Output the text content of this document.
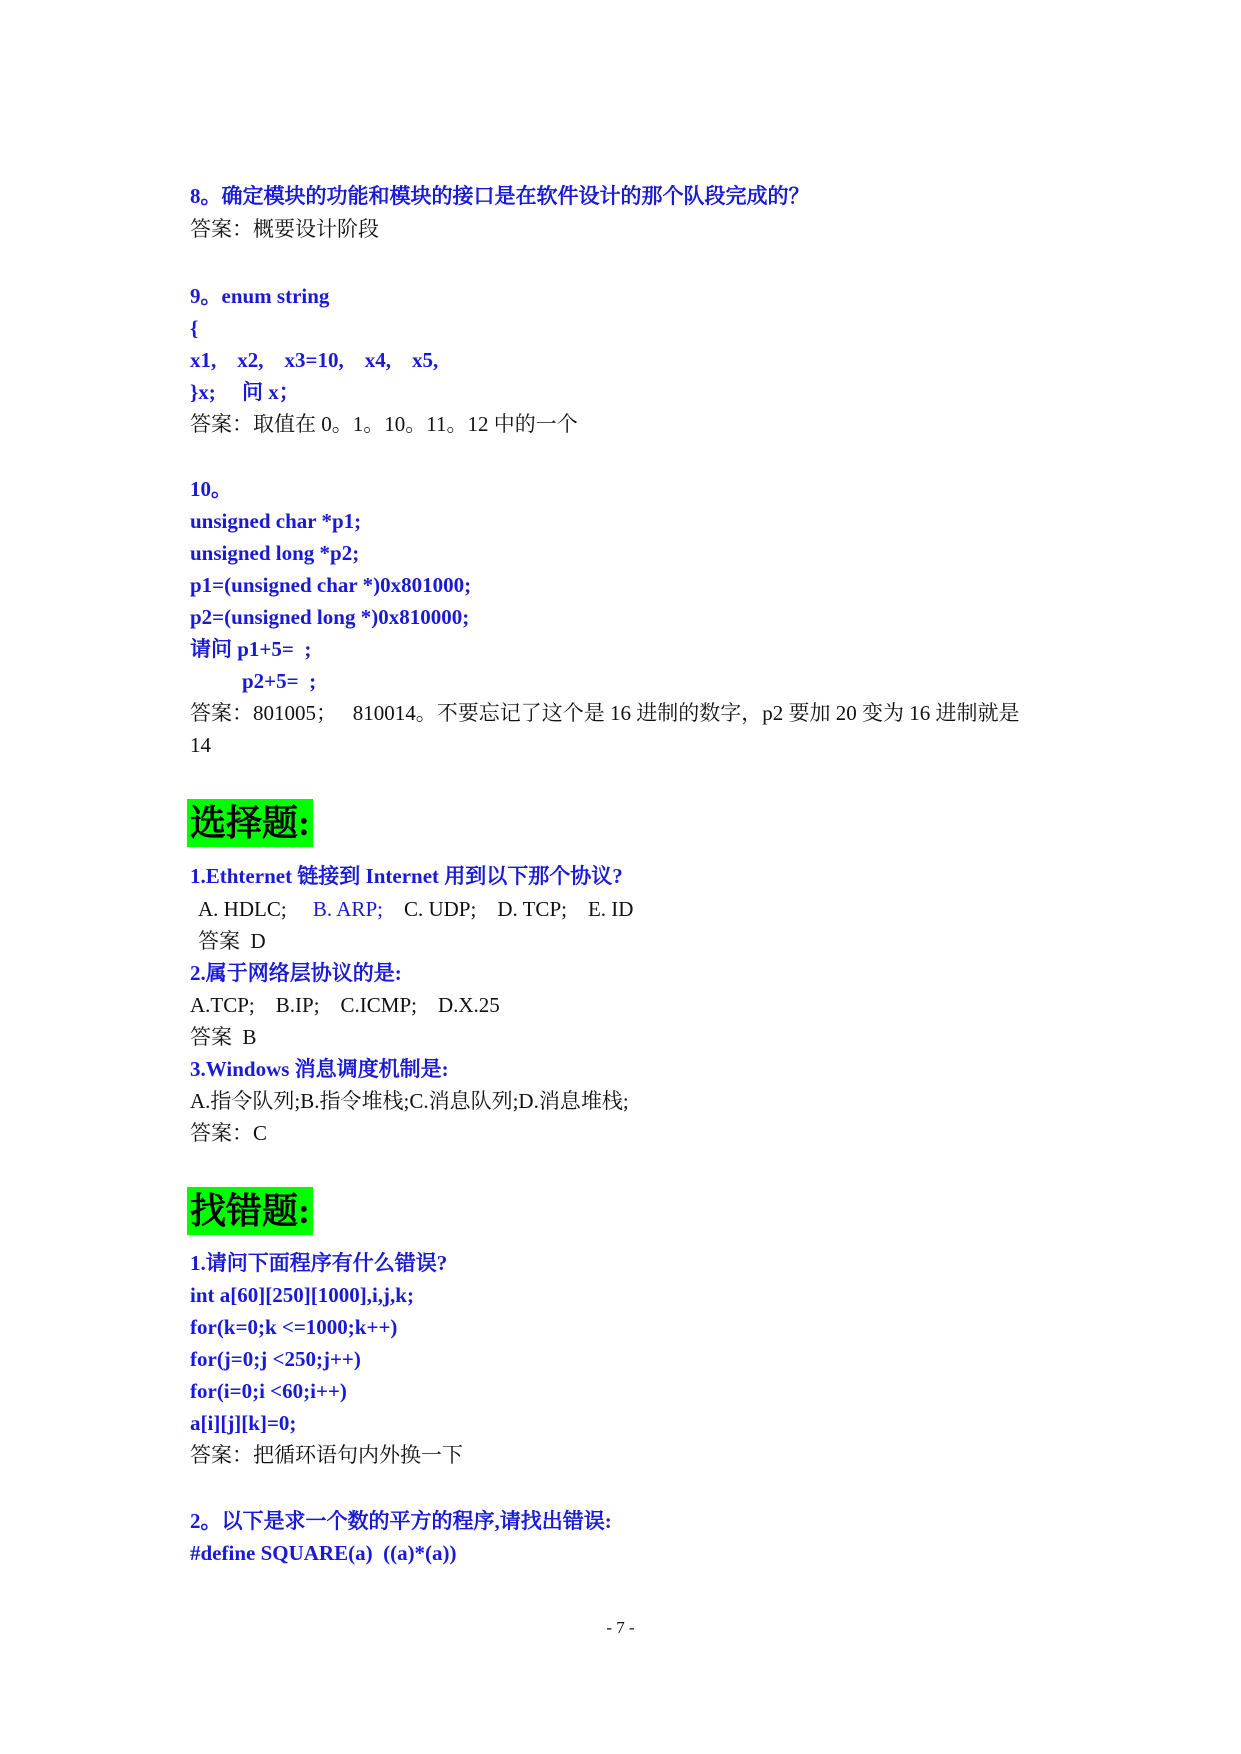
8。确定模块的功能和模块的接口是在软件设计的那个队段完成的？
答案：概要设计阶段
9。enum string
{
x1,    x2,    x3=10,    x4,    x5,
}x;     问 x；
答案：取值在 0。1。10。11。12 中的一个
10。
unsigned char *p1;
unsigned long *p2;
p1=(unsigned char *)0x801000;
p2=(unsigned long *)0x810000;
请问 p1+5=  ;
p2+5=  ;
答案：801005；   810014。不要忘记了这个是 16 进制的数字，p2 要加 20 变为 16 进制就是
14
选择题:
1.Ethternet 链接到 Internet 用到以下那个协议?
A. HDLC; B. ARP; C. UDP;    D. TCP;    E. ID
答案  D
2.属于网络层协议的是:
A.TCP;    B.IP;    C.ICMP;    D.X.25
答案  B
3.Windows 消息调度机制是:
A.指令队列;B.指令堆栈;C.消息队列;D.消息堆栈;
答案：C
找错题:
1.请问下面程序有什么错误?
int a[60][250][1000],i,j,k;
for(k=0;k <=1000;k++)
for(j=0;j <250;j++)
for(i=0;i <60;i++)
a[i][j][k]=0;
答案：把循环语句内外换一下
2。以下是求一个数的平方的程序,请找出错误:
#define SQUARE(a)  ((a)*(a))
- 7 -
